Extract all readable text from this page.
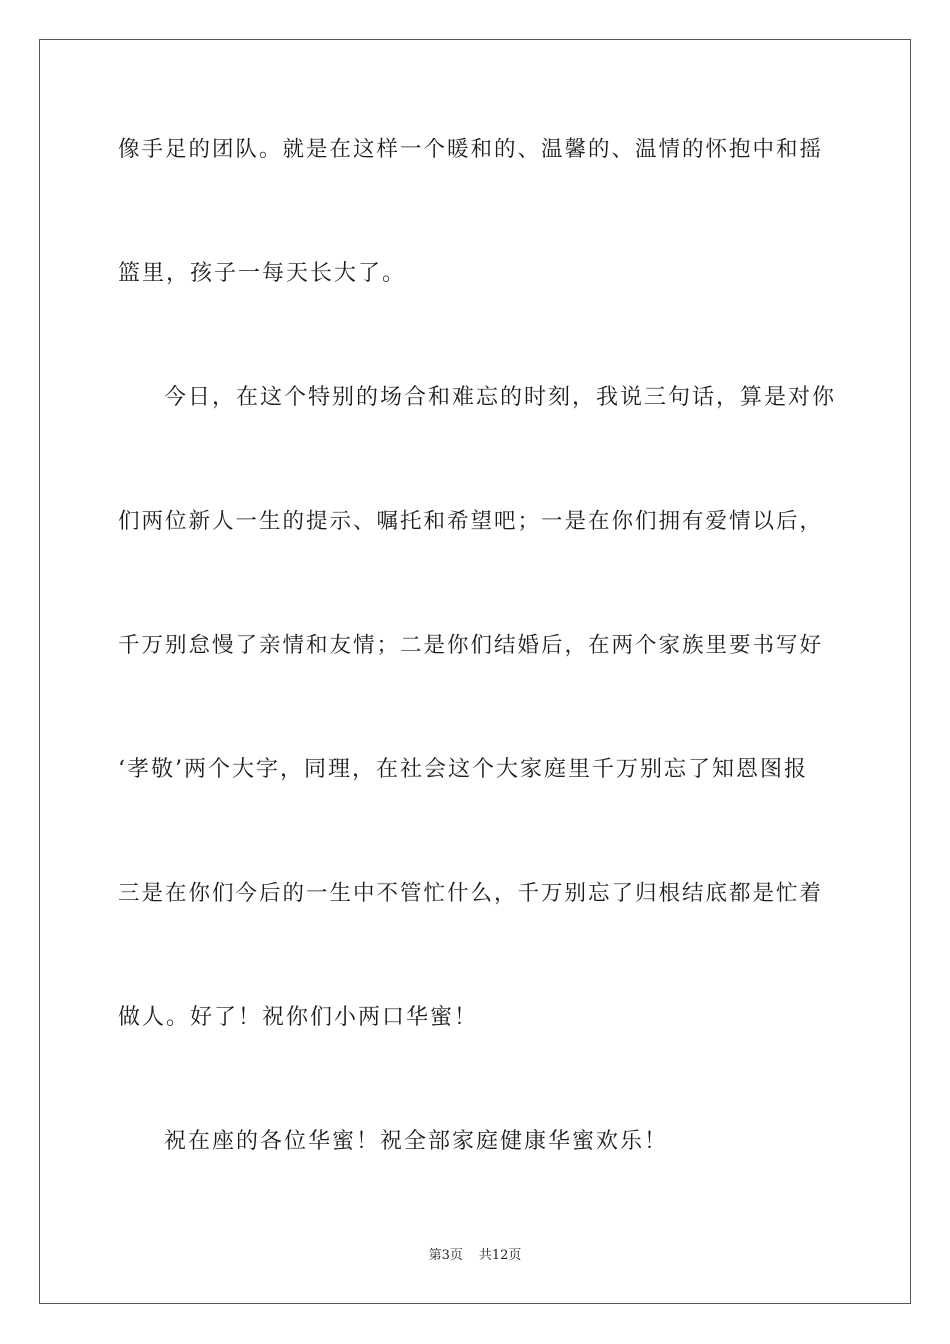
像手足的团队。就是在这样一个暖和的、温馨的、温情的怀抱中和摇
篮里，孩子一每天长大了。
今日，在这个特别的场合和难忘的时刻，我说三句话，算是对你
们两位新人一生的提示、嘱托和希望吧；一是在你们拥有爱情以后，
千万别怠慢了亲情和友情；二是你们结婚后，在两个家族里要书写好
‘孝敬’两个大字，同理，在社会这个大家庭里千万别忘了知恩图报
三是在你们今后的一生中不管忙什么，千万别忘了归根结底都是忙着
做人。好了！祝你们小两口华蜜！
祝在座的各位华蜜！祝全部家庭健康华蜜欢乐！
第3页 共12页
